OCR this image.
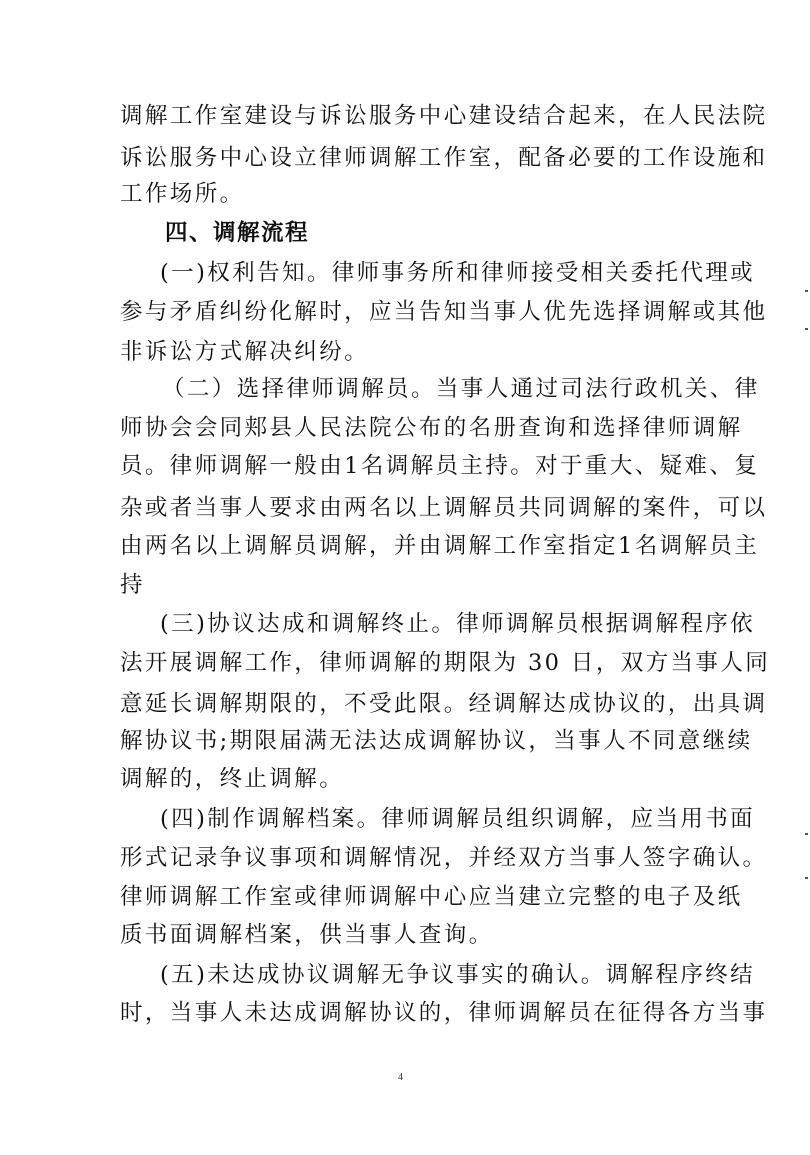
调解工作室建设与诉讼服务中心建设结合起来，在人民法院
诉讼服务中心设立律师调解工作室，配备必要的工作设施和
工作场所。
四、调解流程
(一)权利告知。律师事务所和律师接受相关委托代理或
参与矛盾纠纷化解时，应当告知当事人优先选择调解或其他
非诉讼方式解决纠纷。
（二）选择律师调解员。当事人通过司法行政机关、律
师协会会同郏县人民法院公布的名册查询和选择律师调解
员。律师调解一般由1名调解员主持。对于重大、疑难、复
杂或者当事人要求由两名以上调解员共同调解的案件，可以
由两名以上调解员调解，并由调解工作室指定1名调解员主
持
(三)协议达成和调解终止。律师调解员根据调解程序依
法开展调解工作，律师调解的期限为 30 日，双方当事人同
意延长调解期限的，不受此限。经调解达成协议的，出具调
解协议书;期限届满无法达成调解协议，当事人不同意继续
调解的，终止调解。
(四)制作调解档案。律师调解员组织调解，应当用书面
形式记录争议事项和调解情况，并经双方当事人签字确认。
律师调解工作室或律师调解中心应当建立完整的电子及纸
质书面调解档案，供当事人查询。
(五)未达成协议调解无争议事实的确认。调解程序终结
时，当事人未达成调解协议的，律师调解员在征得各方当事
4
